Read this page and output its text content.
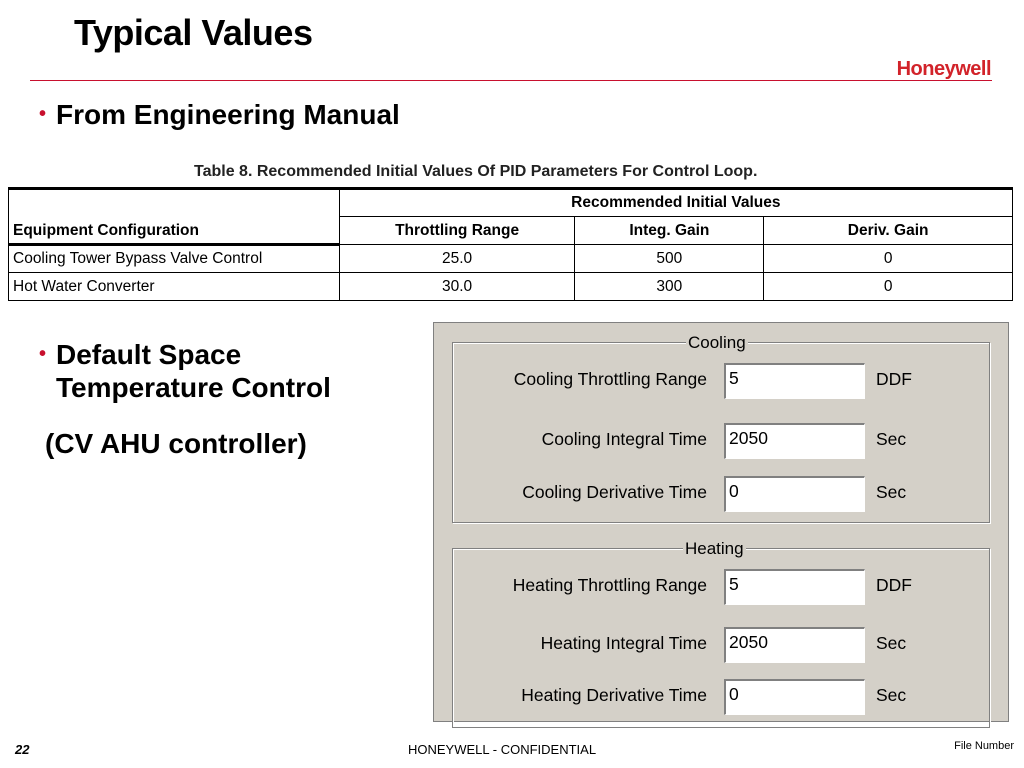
Typical Values
Honeywell
• From Engineering Manual
Table 8. Recommended Initial Values Of PID Parameters For Control Loop.
	Recommended Initial Values		
Equipment Configuration	Throttling Range	Integ. Gain	Deriv. Gain
Cooling Tower Bypass Valve Control	25.0	500	0
Hot Water Converter	30.0	300	0
• Default Space Temperature Control
(CV AHU controller)
Cooling
Cooling Throttling Range 5	DDF
Cooling Integral Time 2050	Sec
Cooling Derivative Time 0	Sec
Heating
Heating Throttling Range 5	DDF
Heating Integral Time 2050	Sec
Heating Derivative Time 0	Sec
22	HONEYWELL - CONFIDENTIAL	File Number
